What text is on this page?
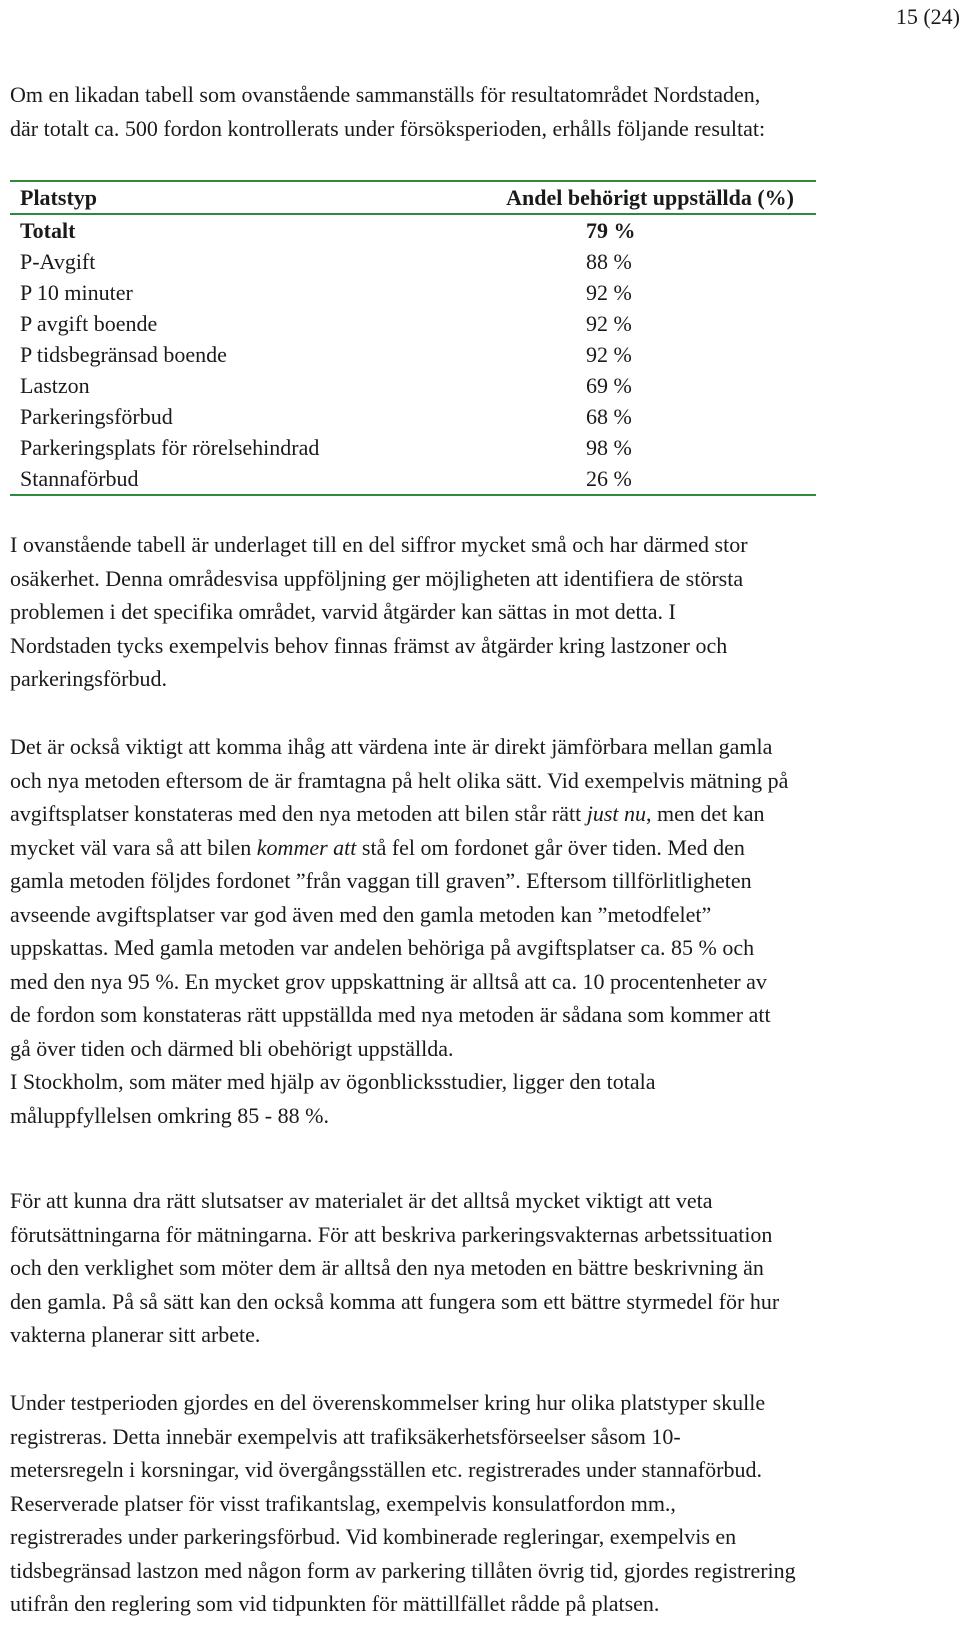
15 (24)

Om en likadan tabell som ovanstående sammanställs för resultatområdet Nordstaden,
där totalt ca. 500 fordon kontrollerats under försöksperioden, erhålls följande resultat:

Platstyp	Andel behörigt uppställda (%)
Totalt	79 %
P-Avgift	88 %
P 10 minuter	92 %
P avgift boende	92 %
P tidsbegränsad boende	92 %
Lastzon	69 %
Parkeringsförbud	68 %
Parkeringsplats för rörelsehindrad	98 %
Stannaförbud	26 %

I ovanstående tabell är underlaget till en del siffror mycket små och har därmed stor
osäkerhet. Denna områdesvisa uppföljning ger möjligheten att identifiera de största
problemen i det specifika området, varvid åtgärder kan sättas in mot detta. I
Nordstaden tycks exempelvis behov finnas främst av åtgärder kring lastzoner och
parkeringsförbud.

Det är också viktigt att komma ihåg att värdena inte är direkt jämförbara mellan gamla
och nya metoden eftersom de är framtagna på helt olika sätt. Vid exempelvis mätning på
avgiftsplatser konstateras med den nya metoden att bilen står rätt just nu, men det kan
mycket väl vara så att bilen kommer att stå fel om fordonet går över tiden. Med den
gamla metoden följdes fordonet ”från vaggan till graven”. Eftersom tillförlitligheten
avseende avgiftsplatser var god även med den gamla metoden kan ”metodfelet”
uppskattas. Med gamla metoden var andelen behöriga på avgiftsplatser ca. 85 % och
med den nya 95 %. En mycket grov uppskattning är alltså att ca. 10 procentenheter av
de fordon som konstateras rätt uppställda med nya metoden är sådana som kommer att
gå över tiden och därmed bli obehörigt uppställda.
I Stockholm, som mäter med hjälp av ögonblicksstudier, ligger den totala
måluppfyllelsen omkring 85 - 88 %.

För att kunna dra rätt slutsatser av materialet är det alltså mycket viktigt att veta
förutsättningarna för mätningarna. För att beskriva parkeringsvakternas arbetssituation
och den verklighet som möter dem är alltså den nya metoden en bättre beskrivning än
den gamla. På så sätt kan den också komma att fungera som ett bättre styrmedel för hur
vakterna planerar sitt arbete.

Under testperioden gjordes en del överenskommelser kring hur olika platstyper skulle
registreras. Detta innebär exempelvis att trafiksäkerhetsförseelser såsom 10-
metersregeln i korsningar, vid övergångsställen etc. registrerades under stannaförbud.
Reserverade platser för visst trafikantslag, exempelvis konsulatfordon mm.,
registrerades under parkeringsförbud. Vid kombinerade regleringar, exempelvis en
tidsbegränsad lastzon med någon form av parkering tillåten övrig tid, gjordes registrering
utifrån den reglering som vid tidpunkten för mättillfället rådde på platsen.
